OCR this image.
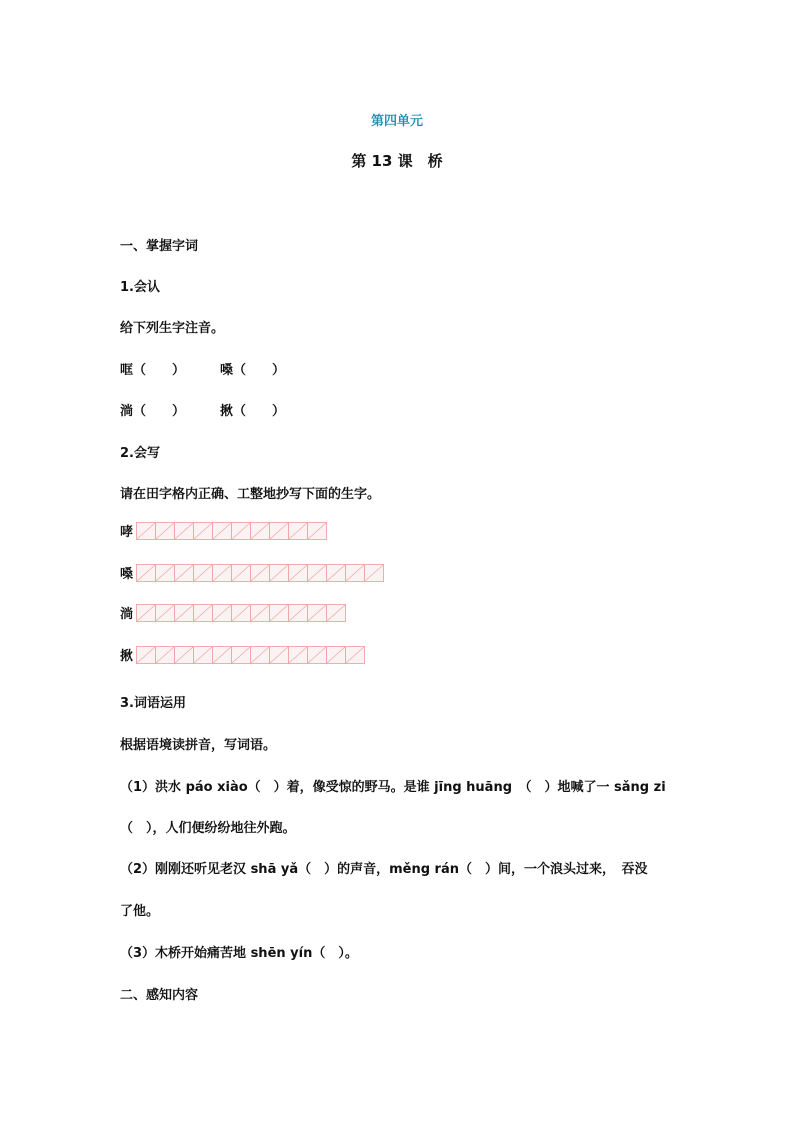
第四单元
第 13 课　桥
一、掌握字词
1.会认
给下列生字注音。
哐（　　）	嗓（　　）
淌（　　）	揪（　　）
2.会写
请在田字格内正确、工整地抄写下面的生字。
哮
嗓
淌
揪
3.词语运用
根据语境读拼音，写词语。
（1）洪水 páo xiào（　）着，像受惊的野马。是谁 jīng huāng　（　）地喊了一 sǎng zi
（　），人们便纷纷地往外跑。
（2）刚刚还听见老汉 shā yǎ（　）的声音，měng rán（　）间，一个浪头过来，　吞没
了他。
（3）木桥开始痛苦地 shēn yín（　）。
二、感知内容
